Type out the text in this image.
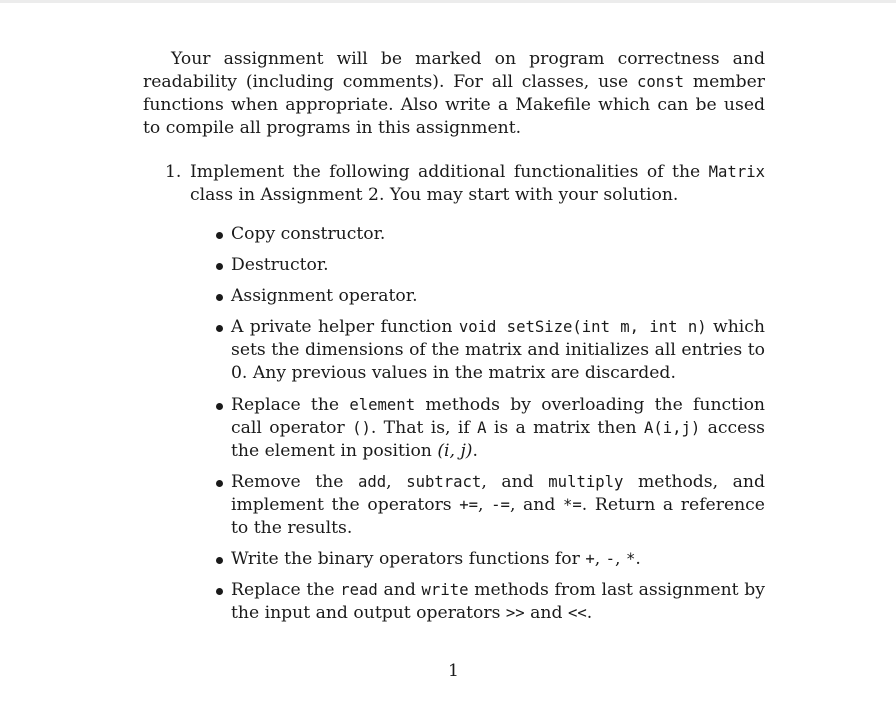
Your assignment will be marked on program correctness and readability (including comments). For all classes, use const member functions when appropriate. Also write a Makefile which can be used to compile all programs in this assignment.

1. Implement the following additional functionalities of the Matrix class in Assignment 2. You may start with your solution.

Copy constructor.
Destructor.
Assignment operator.
A private helper function void setSize(int m, int n) which sets the dimensions of the matrix and initializes all entries to 0. Any previous values in the matrix are discarded.
Replace the element methods by overloading the function call operator (). That is, if A is a matrix then A(i,j) access the element in position (i, j).
Remove the add, subtract, and multiply methods, and implement the operators +=, -=, and *=. Return a reference to the results.
Write the binary operators functions for +, -, *.
Replace the read and write methods from last assignment by the input and output operators >> and <<.
1
